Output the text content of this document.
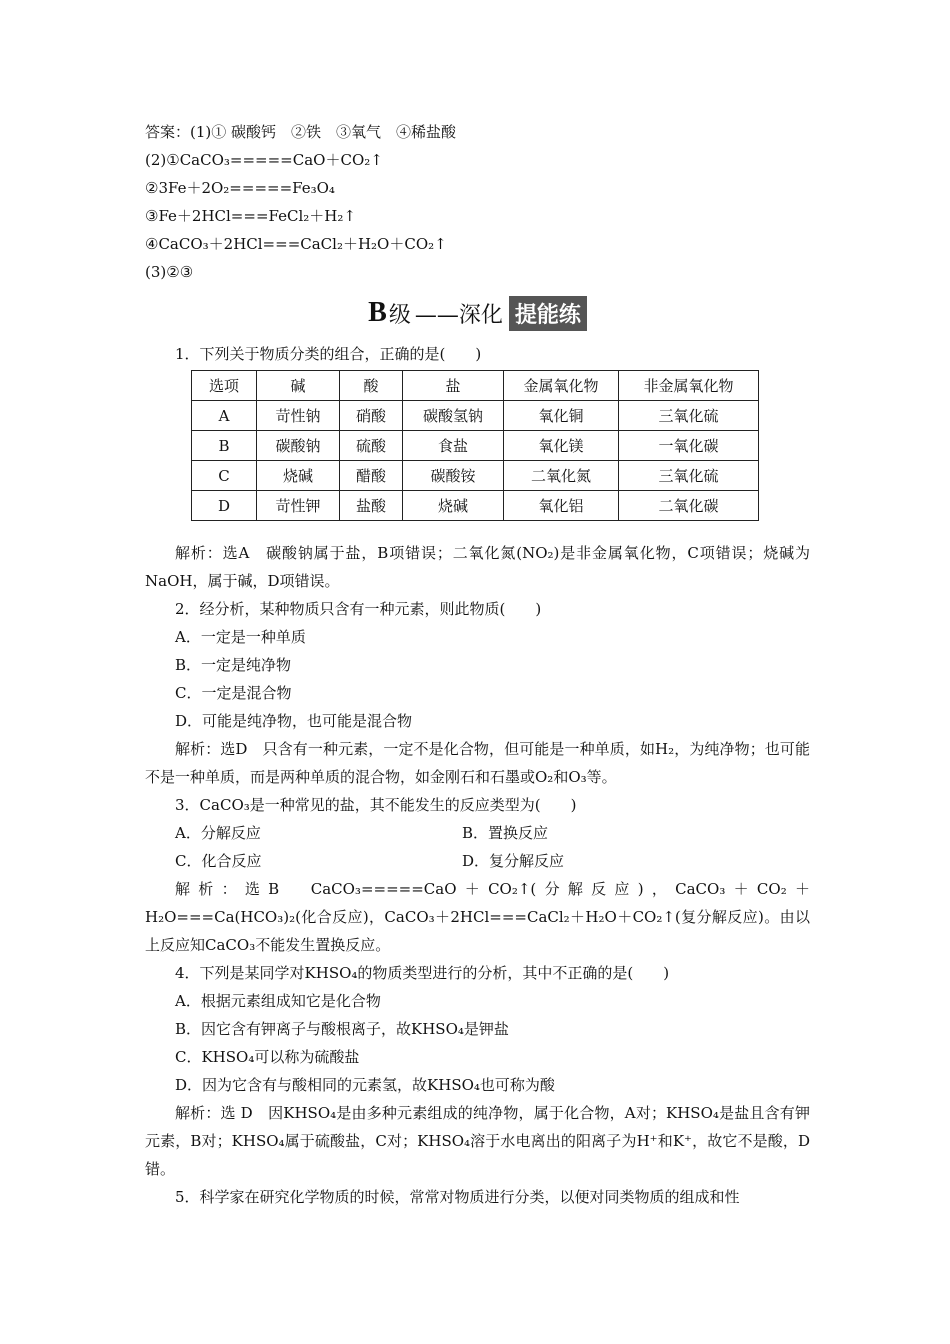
答案：(1)① 碳酸钙　②铁　③氧气　④稀盐酸
(2)①CaCO₃=====CaO＋CO₂↑
②3Fe＋2O₂=====Fe₃O₄
③Fe＋2HCl===FeCl₂＋H₂↑
④CaCO₃＋2HCl===CaCl₂＋H₂O＋CO₂↑
(3)②③
B 级 ——深化 提能练
1．下列关于物质分类的组合，正确的是(　　)
选项	碱	酸	盐	金属氧化物	非金属氧化物
A	苛性钠	硝酸	碳酸氢钠	氧化铜	三氧化硫
B	碳酸钠	硫酸	食盐	氧化镁	一氧化碳
C	烧碱	醋酸	碳酸铵	二氧化氮	三氧化硫
D	苛性钾	盐酸	烧碱	氧化铝	二氧化碳
解析：选A　碳酸钠属于盐，B项错误；二氧化氮(NO₂)是非金属氧化物，C项错误；烧碱为NaOH，属于碱，D项错误。
2．经分析，某种物质只含有一种元素，则此物质(　　)
A．一定是一种单质
B．一定是纯净物
C．一定是混合物
D．可能是纯净物，也可能是混合物
解析：选D　只含有一种元素，一定不是化合物，但可能是一种单质，如H₂，为纯净物；也可能不是一种单质，而是两种单质的混合物，如金刚石和石墨或O₂和O₃等。
3．CaCO₃是一种常见的盐，其不能发生的反应类型为(　　)
A．分解反应	B．置换反应
C．化合反应	D．复分解反应
解析：选B　CaCO₃=====CaO＋CO₂↑(分解反应)，CaCO₃＋CO₂＋H₂O===Ca(HCO₃)₂(化合反应)，CaCO₃＋2HCl===CaCl₂＋H₂O＋CO₂↑(复分解反应)。由以上反应知CaCO₃不能发生置换反应。
4．下列是某同学对KHSO₄的物质类型进行的分析，其中不正确的是(　　)
A．根据元素组成知它是化合物
B．因它含有钾离子与酸根离子，故KHSO₄是钾盐
C．KHSO₄可以称为硫酸盐
D．因为它含有与酸相同的元素氢，故KHSO₄也可称为酸
解析：选 D　因KHSO₄是由多种元素组成的纯净物，属于化合物，A对；KHSO₄是盐且含有钾元素，B对；KHSO₄属于硫酸盐，C对；KHSO₄溶于水电离出的阳离子为H⁺和K⁺，故它不是酸，D错。
5．科学家在研究化学物质的时候，常常对物质进行分类，以便对同类物质的组成和性
